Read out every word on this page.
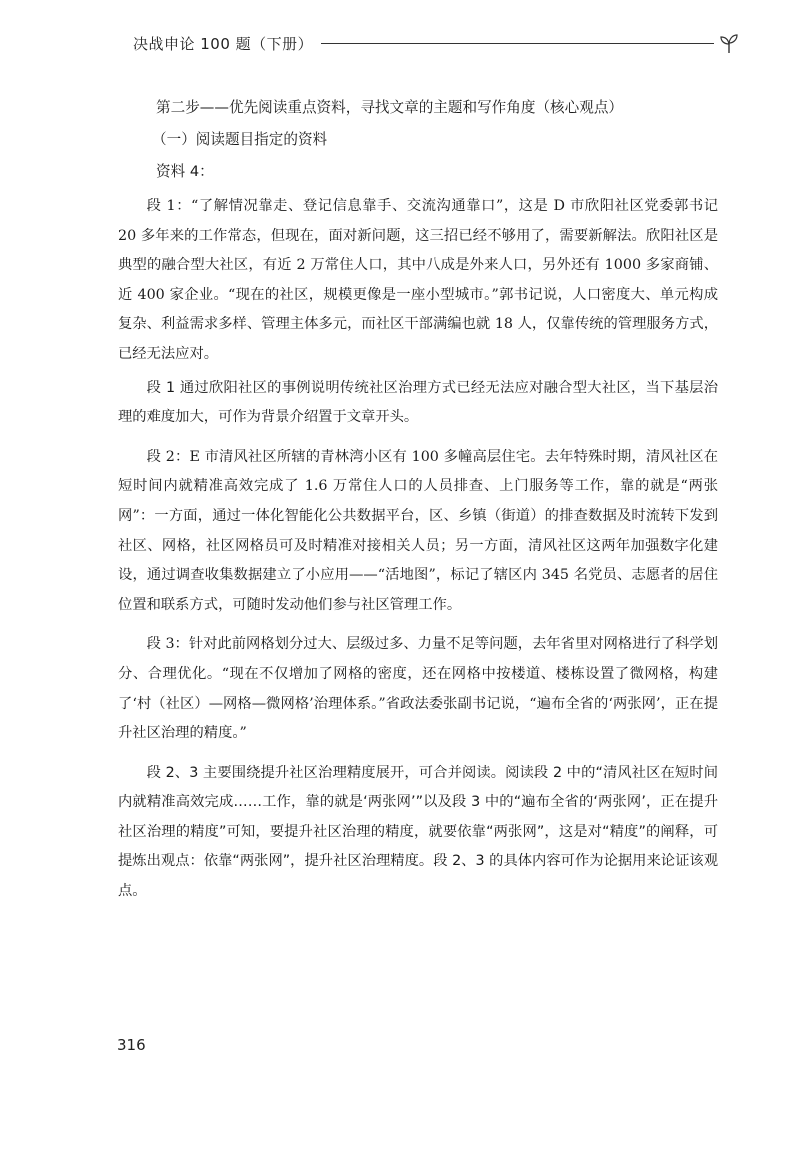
决战申论 100 题（下册）

第二步——优先阅读重点资料，寻找文章的主题和写作角度（核心观点）

（一）阅读题目指定的资料

资料 4：

段 1：“了解情况靠走、登记信息靠手、交流沟通靠口”，这是 D 市欣阳社区党委郭书记 20 多年来的工作常态，但现在，面对新问题，这三招已经不够用了，需要新解法。欣阳社区是典型的融合型大社区，有近 2 万常住人口，其中八成是外来人口，另外还有 1000 多家商铺、近 400 家企业。“现在的社区，规模更像是一座小型城市。”郭书记说，人口密度大、单元构成复杂、利益需求多样、管理主体多元，而社区干部满编也就 18 人，仅靠传统的管理服务方式，已经无法应对。

段 1 通过欣阳社区的事例说明传统社区治理方式已经无法应对融合型大社区，当下基层治理的难度加大，可作为背景介绍置于文章开头。

段 2：E 市清风社区所辖的青林湾小区有 100 多幢高层住宅。去年特殊时期，清风社区在短时间内就精准高效完成了 1.6 万常住人口的人员排查、上门服务等工作，靠的就是“两张网”：一方面，通过一体化智能化公共数据平台，区、乡镇（街道）的排查数据及时流转下发到社区、网格，社区网格员可及时精准对接相关人员；另一方面，清风社区这两年加强数字化建设，通过调查收集数据建立了小应用——“活地图”，标记了辖区内 345 名党员、志愿者的居住位置和联系方式，可随时发动他们参与社区管理工作。

段 3：针对此前网格划分过大、层级过多、力量不足等问题，去年省里对网格进行了科学划分、合理优化。“现在不仅增加了网格的密度，还在网格中按楼道、楼栋设置了微网格，构建了‘村（社区）—网格—微网格’治理体系。”省政法委张副书记说，“遍布全省的‘两张网’，正在提升社区治理的精度。”

段 2、3 主要围绕提升社区治理精度展开，可合并阅读。阅读段 2 中的“清风社区在短时间内就精准高效完成……工作，靠的就是‘两张网’”以及段 3 中的“遍布全省的‘两张网’，正在提升社区治理的精度”可知，要提升社区治理的精度，就要依靠“两张网”，这是对“精度”的阐释，可提炼出观点：依靠“两张网”，提升社区治理精度。段 2、3 的具体内容可作为论据用来论证该观点。

316
